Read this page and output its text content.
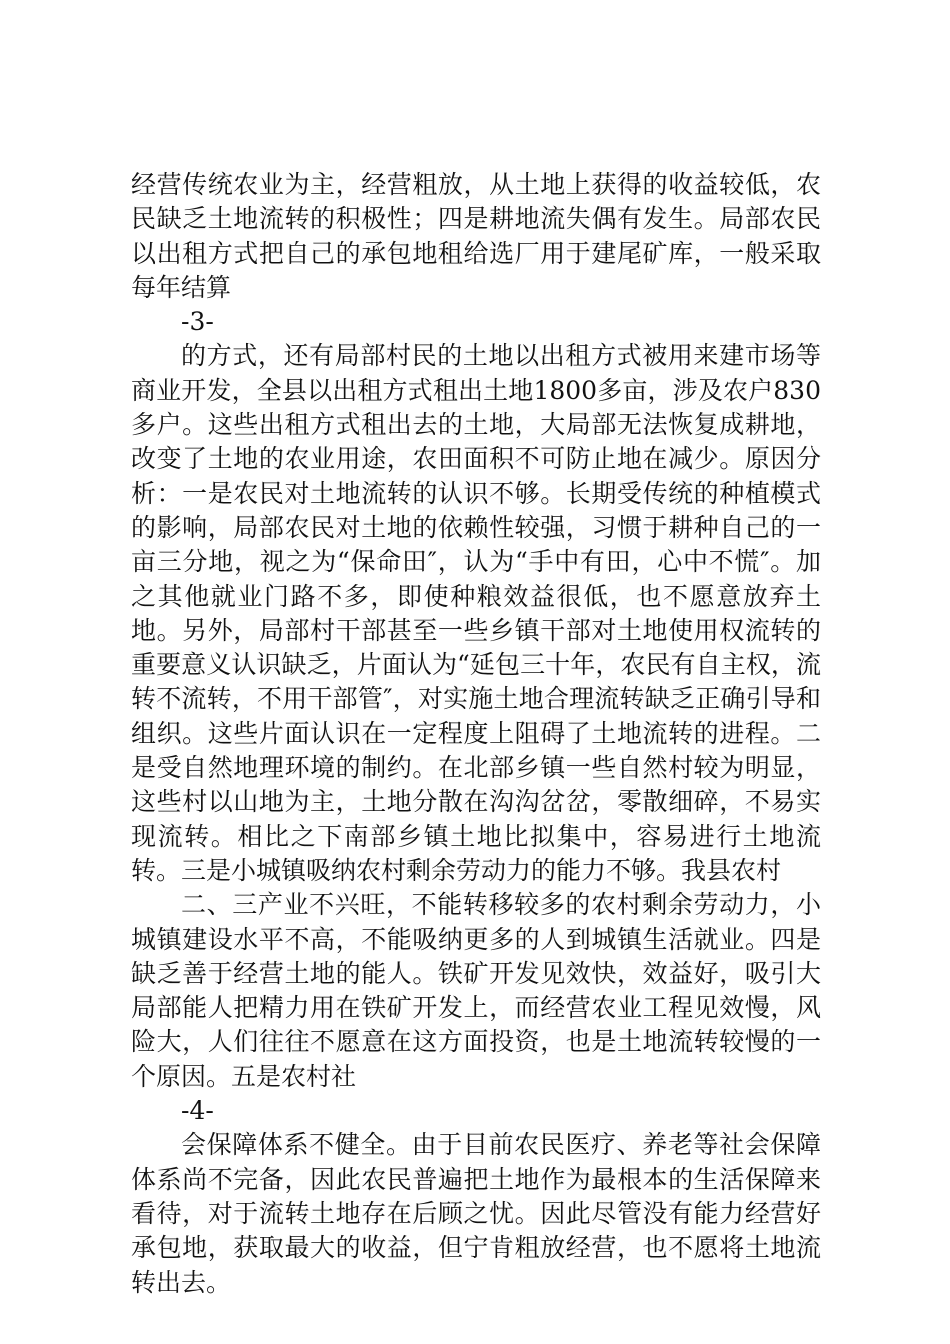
经营传统农业为主，经营粗放，从土地上获得的收益较低，农民缺乏土地流转的积极性；四是耕地流失偶有发生。局部农民以出租方式把自己的承包地租给选厂用于建尾矿库，一般采取每年结算

-3-

的方式，还有局部村民的土地以出租方式被用来建市场等商业开发，全县以出租方式租出土地1800多亩，涉及农户830多户。这些出租方式租出去的土地，大局部无法恢复成耕地，改变了土地的农业用途，农田面积不可防止地在减少。原因分析：一是农民对土地流转的认识不够。长期受传统的种植模式的影响，局部农民对土地的依赖性较强，习惯于耕种自己的一亩三分地，视之为“保命田″，认为“手中有田，心中不慌″。加之其他就业门路不多，即使种粮效益很低，也不愿意放弃土地。另外，局部村干部甚至一些乡镇干部对土地使用权流转的重要意义认识缺乏，片面认为“延包三十年，农民有自主权，流转不流转，不用干部管″，对实施土地合理流转缺乏正确引导和组织。这些片面认识在一定程度上阻碍了土地流转的进程。二是受自然地理环境的制约。在北部乡镇一些自然村较为明显，这些村以山地为主，土地分散在沟沟岔岔，零散细碎，不易实现流转。相比之下南部乡镇土地比拟集中，容易进行土地流转。三是小城镇吸纳农村剩余劳动力的能力不够。我县农村

二、三产业不兴旺，不能转移较多的农村剩余劳动力，小城镇建设水平不高，不能吸纳更多的人到城镇生活就业。四是缺乏善于经营土地的能人。铁矿开发见效快，效益好，吸引大局部能人把精力用在铁矿开发上，而经营农业工程见效慢，风险大，人们往往不愿意在这方面投资，也是土地流转较慢的一个原因。五是农村社

-4-

会保障体系不健全。由于目前农民医疗、养老等社会保障体系尚不完备，因此农民普遍把土地作为最根本的生活保障来看待，对于流转土地存在后顾之忧。因此尽管没有能力经营好承包地，获取最大的收益，但宁肯粗放经营，也不愿将土地流转出去。
